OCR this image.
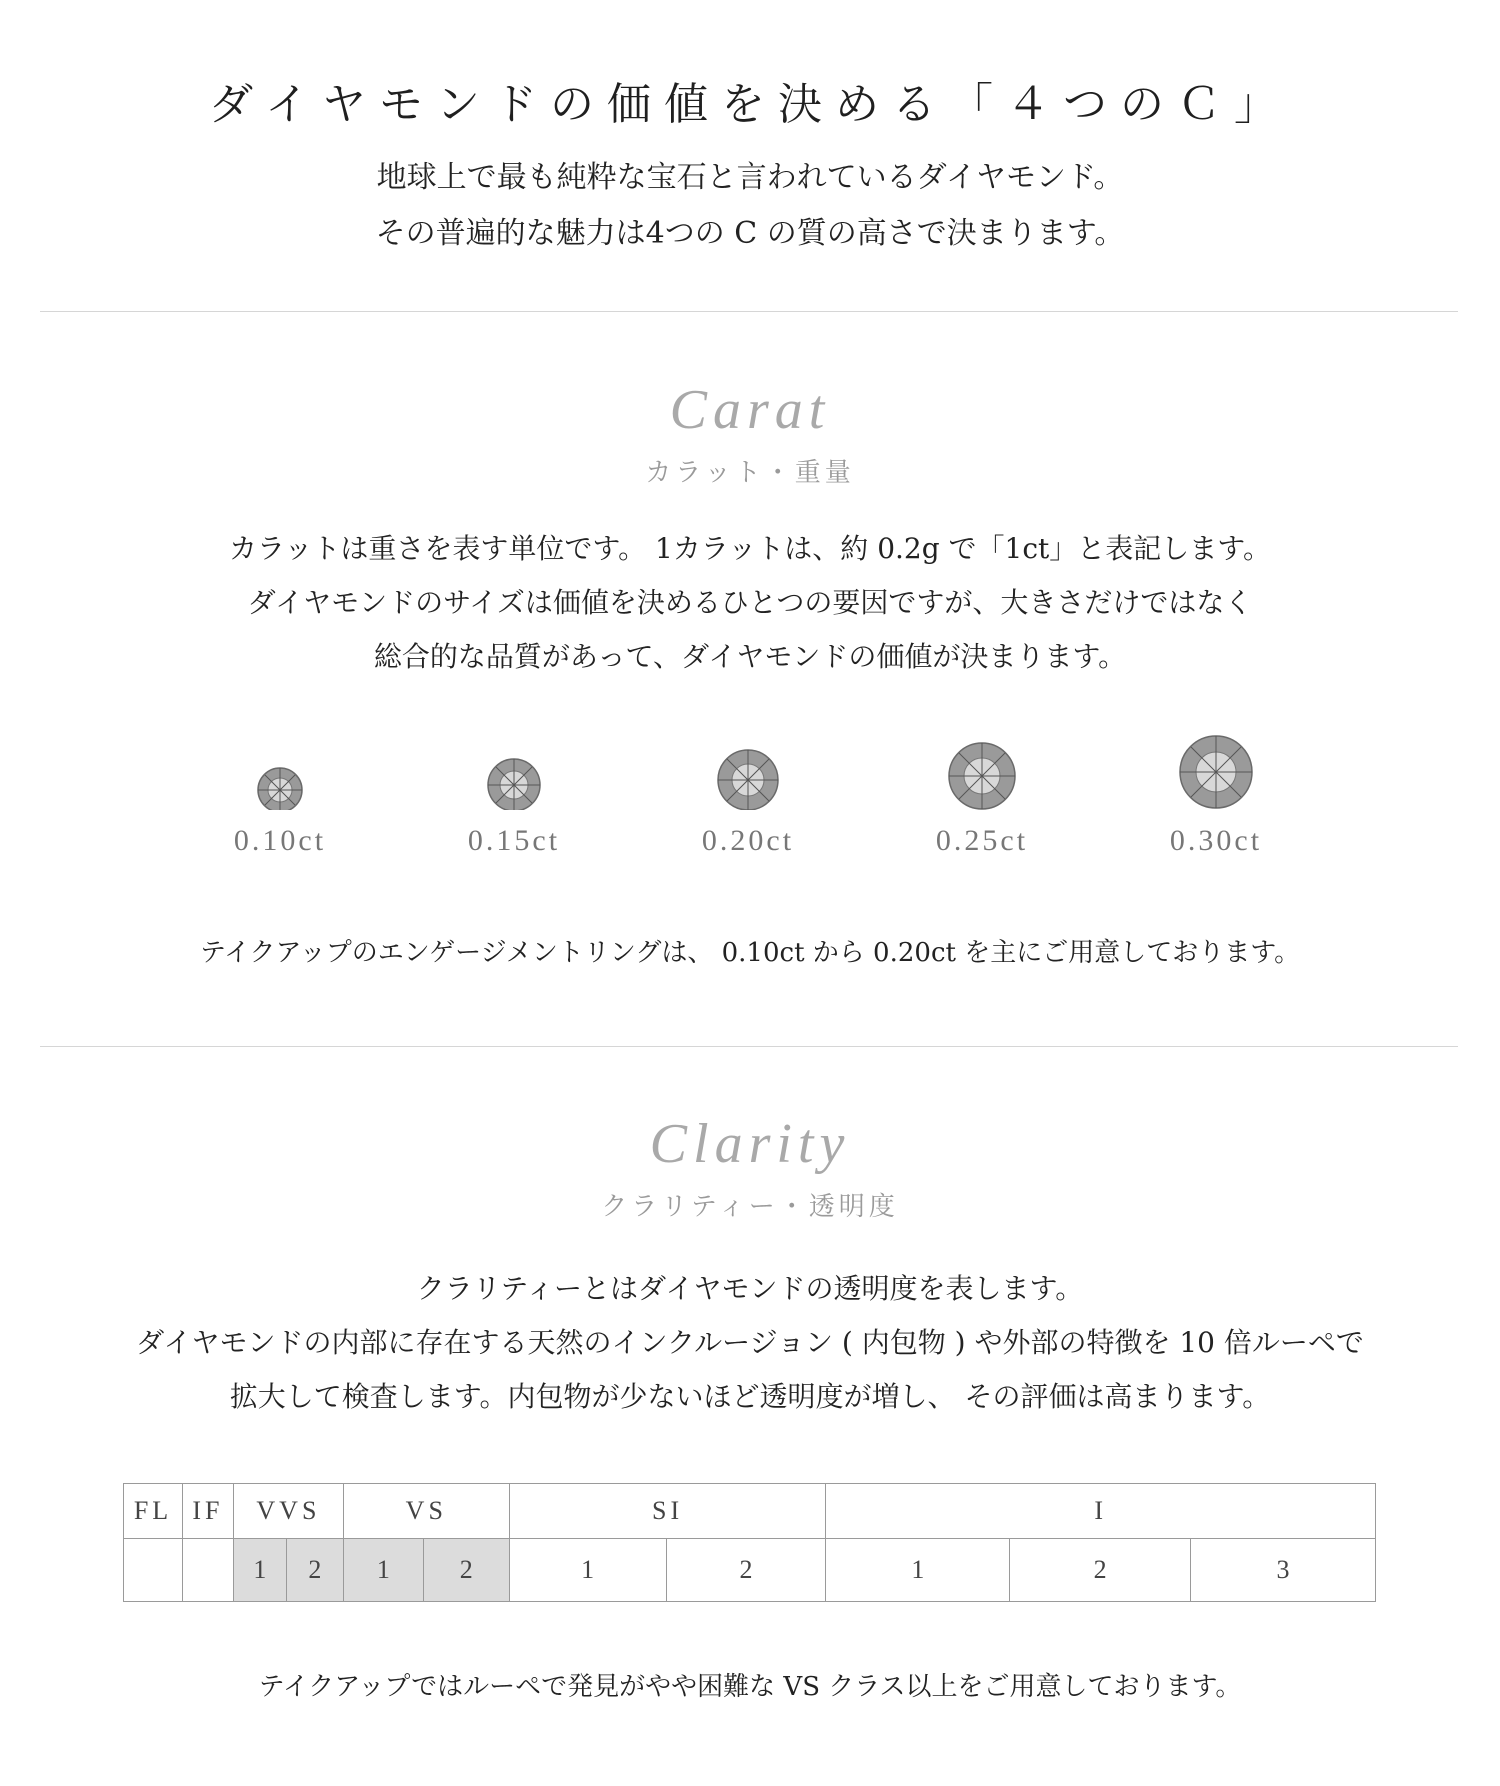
ダイヤモンドの価値を決める「４つのＣ」
地球上で最も純粋な宝石と言われているダイヤモンド。
その普遍的な魅力は4つの C の質の高さで決まります。
Carat
カラット・重量
カラットは重さを表す単位です。 1カラットは、約 0.2g で「1ct」と表記します。
ダイヤモンドのサイズは価値を決めるひとつの要因ですが、大きさだけではなく
総合的な品質があって、ダイヤモンドの価値が決まります。
0.10ct	0.15ct	0.20ct	0.25ct	0.30ct
テイクアップのエンゲージメントリングは、 0.10ct から 0.20ct を主にご用意しております。
Clarity
クラリティー・透明度
クラリティーとはダイヤモンドの透明度を表します。
ダイヤモンドの内部に存在する天然のインクルージョン ( 内包物 ) や外部の特徴を 10 倍ルーペで
拡大して検査します。内包物が少ないほど透明度が増し、 その評価は高まります。
FL	IF	VVS		VS		SI		I		
		1	2	1	2	1	2	1	2	3
テイクアップではルーペで発見がやや困難な VS クラス以上をご用意しております。
